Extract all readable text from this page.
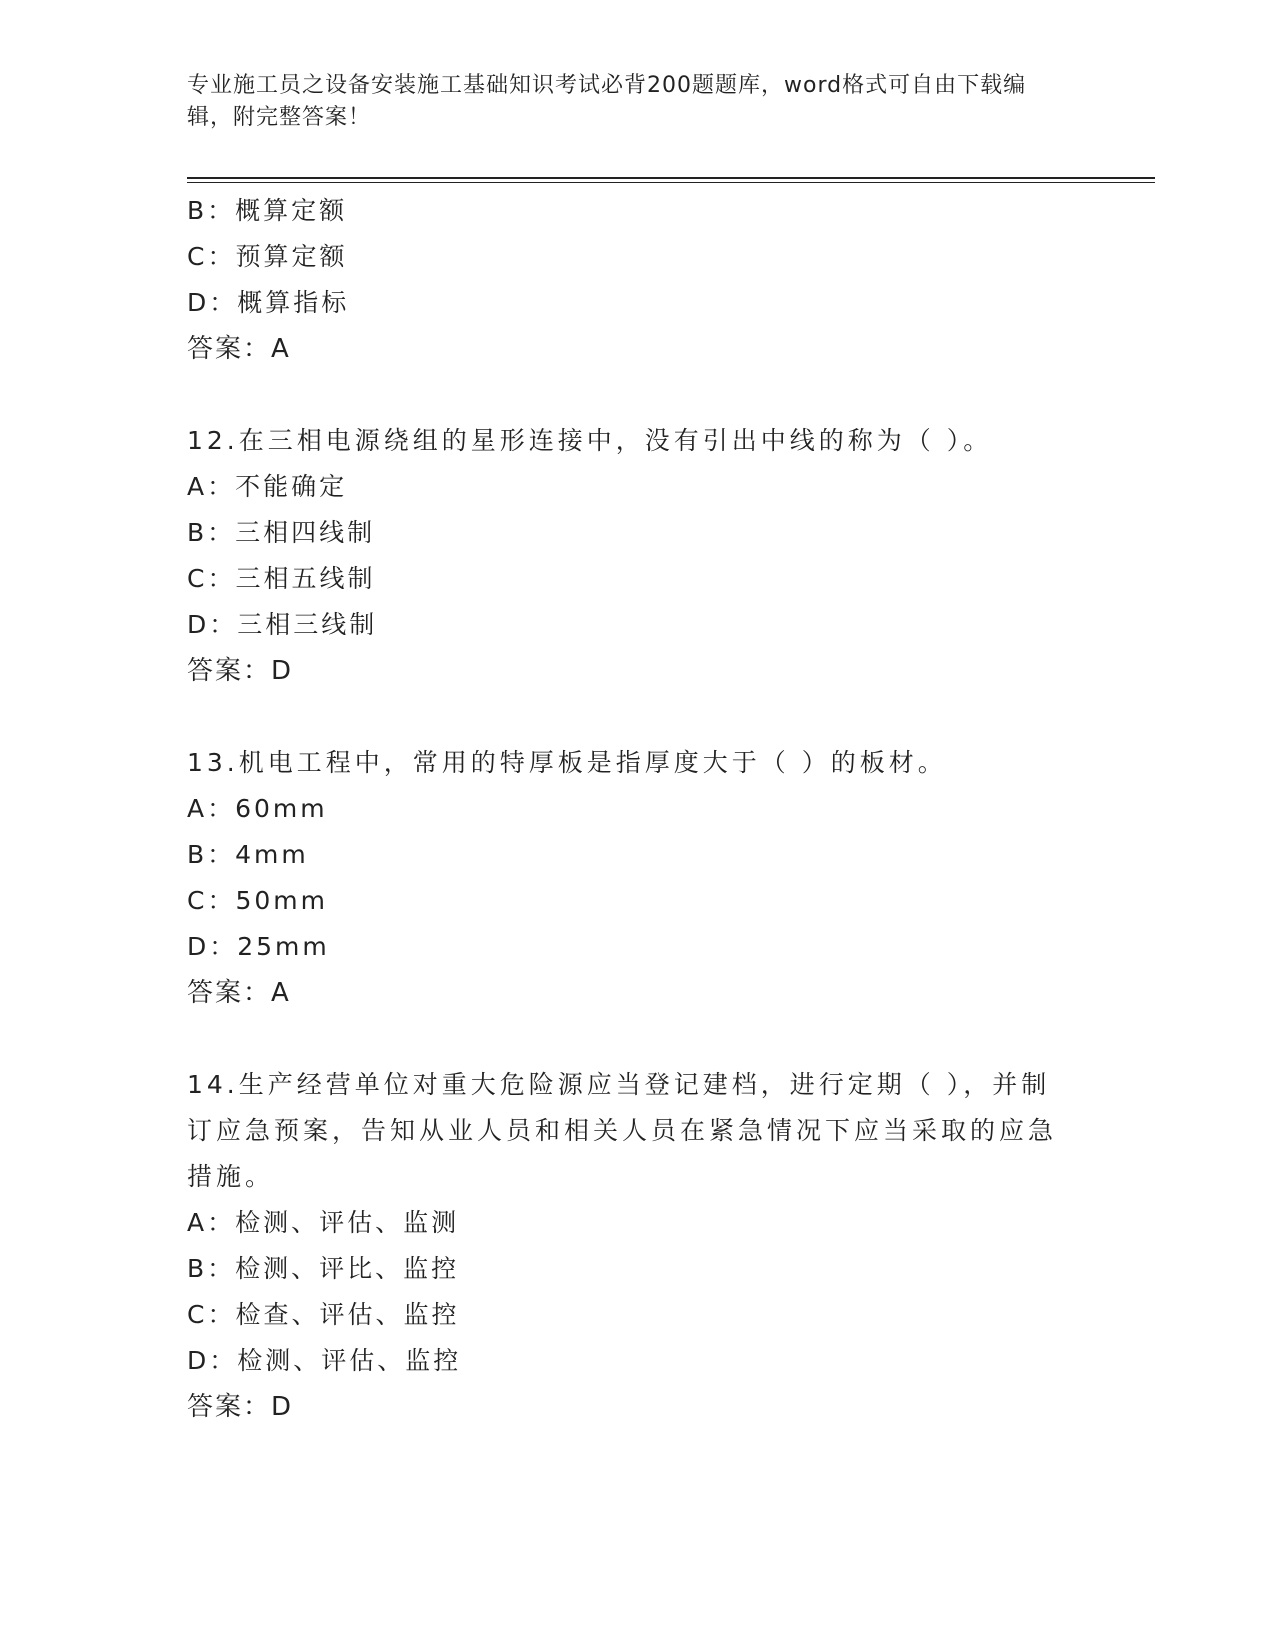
专业施工员之设备安装施工基础知识考试必背200题题库，word格式可自由下载编辑，附完整答案！
B：概算定额
C：预算定额
D：概算指标
答案：A
12.在三相电源绕组的星形连接中，没有引出中线的称为（ ）。
A：不能确定
B：三相四线制
C：三相五线制
D：三相三线制
答案：D
13.机电工程中，常用的特厚板是指厚度大于（ ）的板材。
A：60mm
B：4mm
C：50mm
D：25mm
答案：A
14.生产经营单位对重大危险源应当登记建档，进行定期（ ），并制订应急预案，告知从业人员和相关人员在紧急情况下应当采取的应急措施。
A：检测、评估、监测
B：检测、评比、监控
C：检查、评估、监控
D：检测、评估、监控
答案：D
